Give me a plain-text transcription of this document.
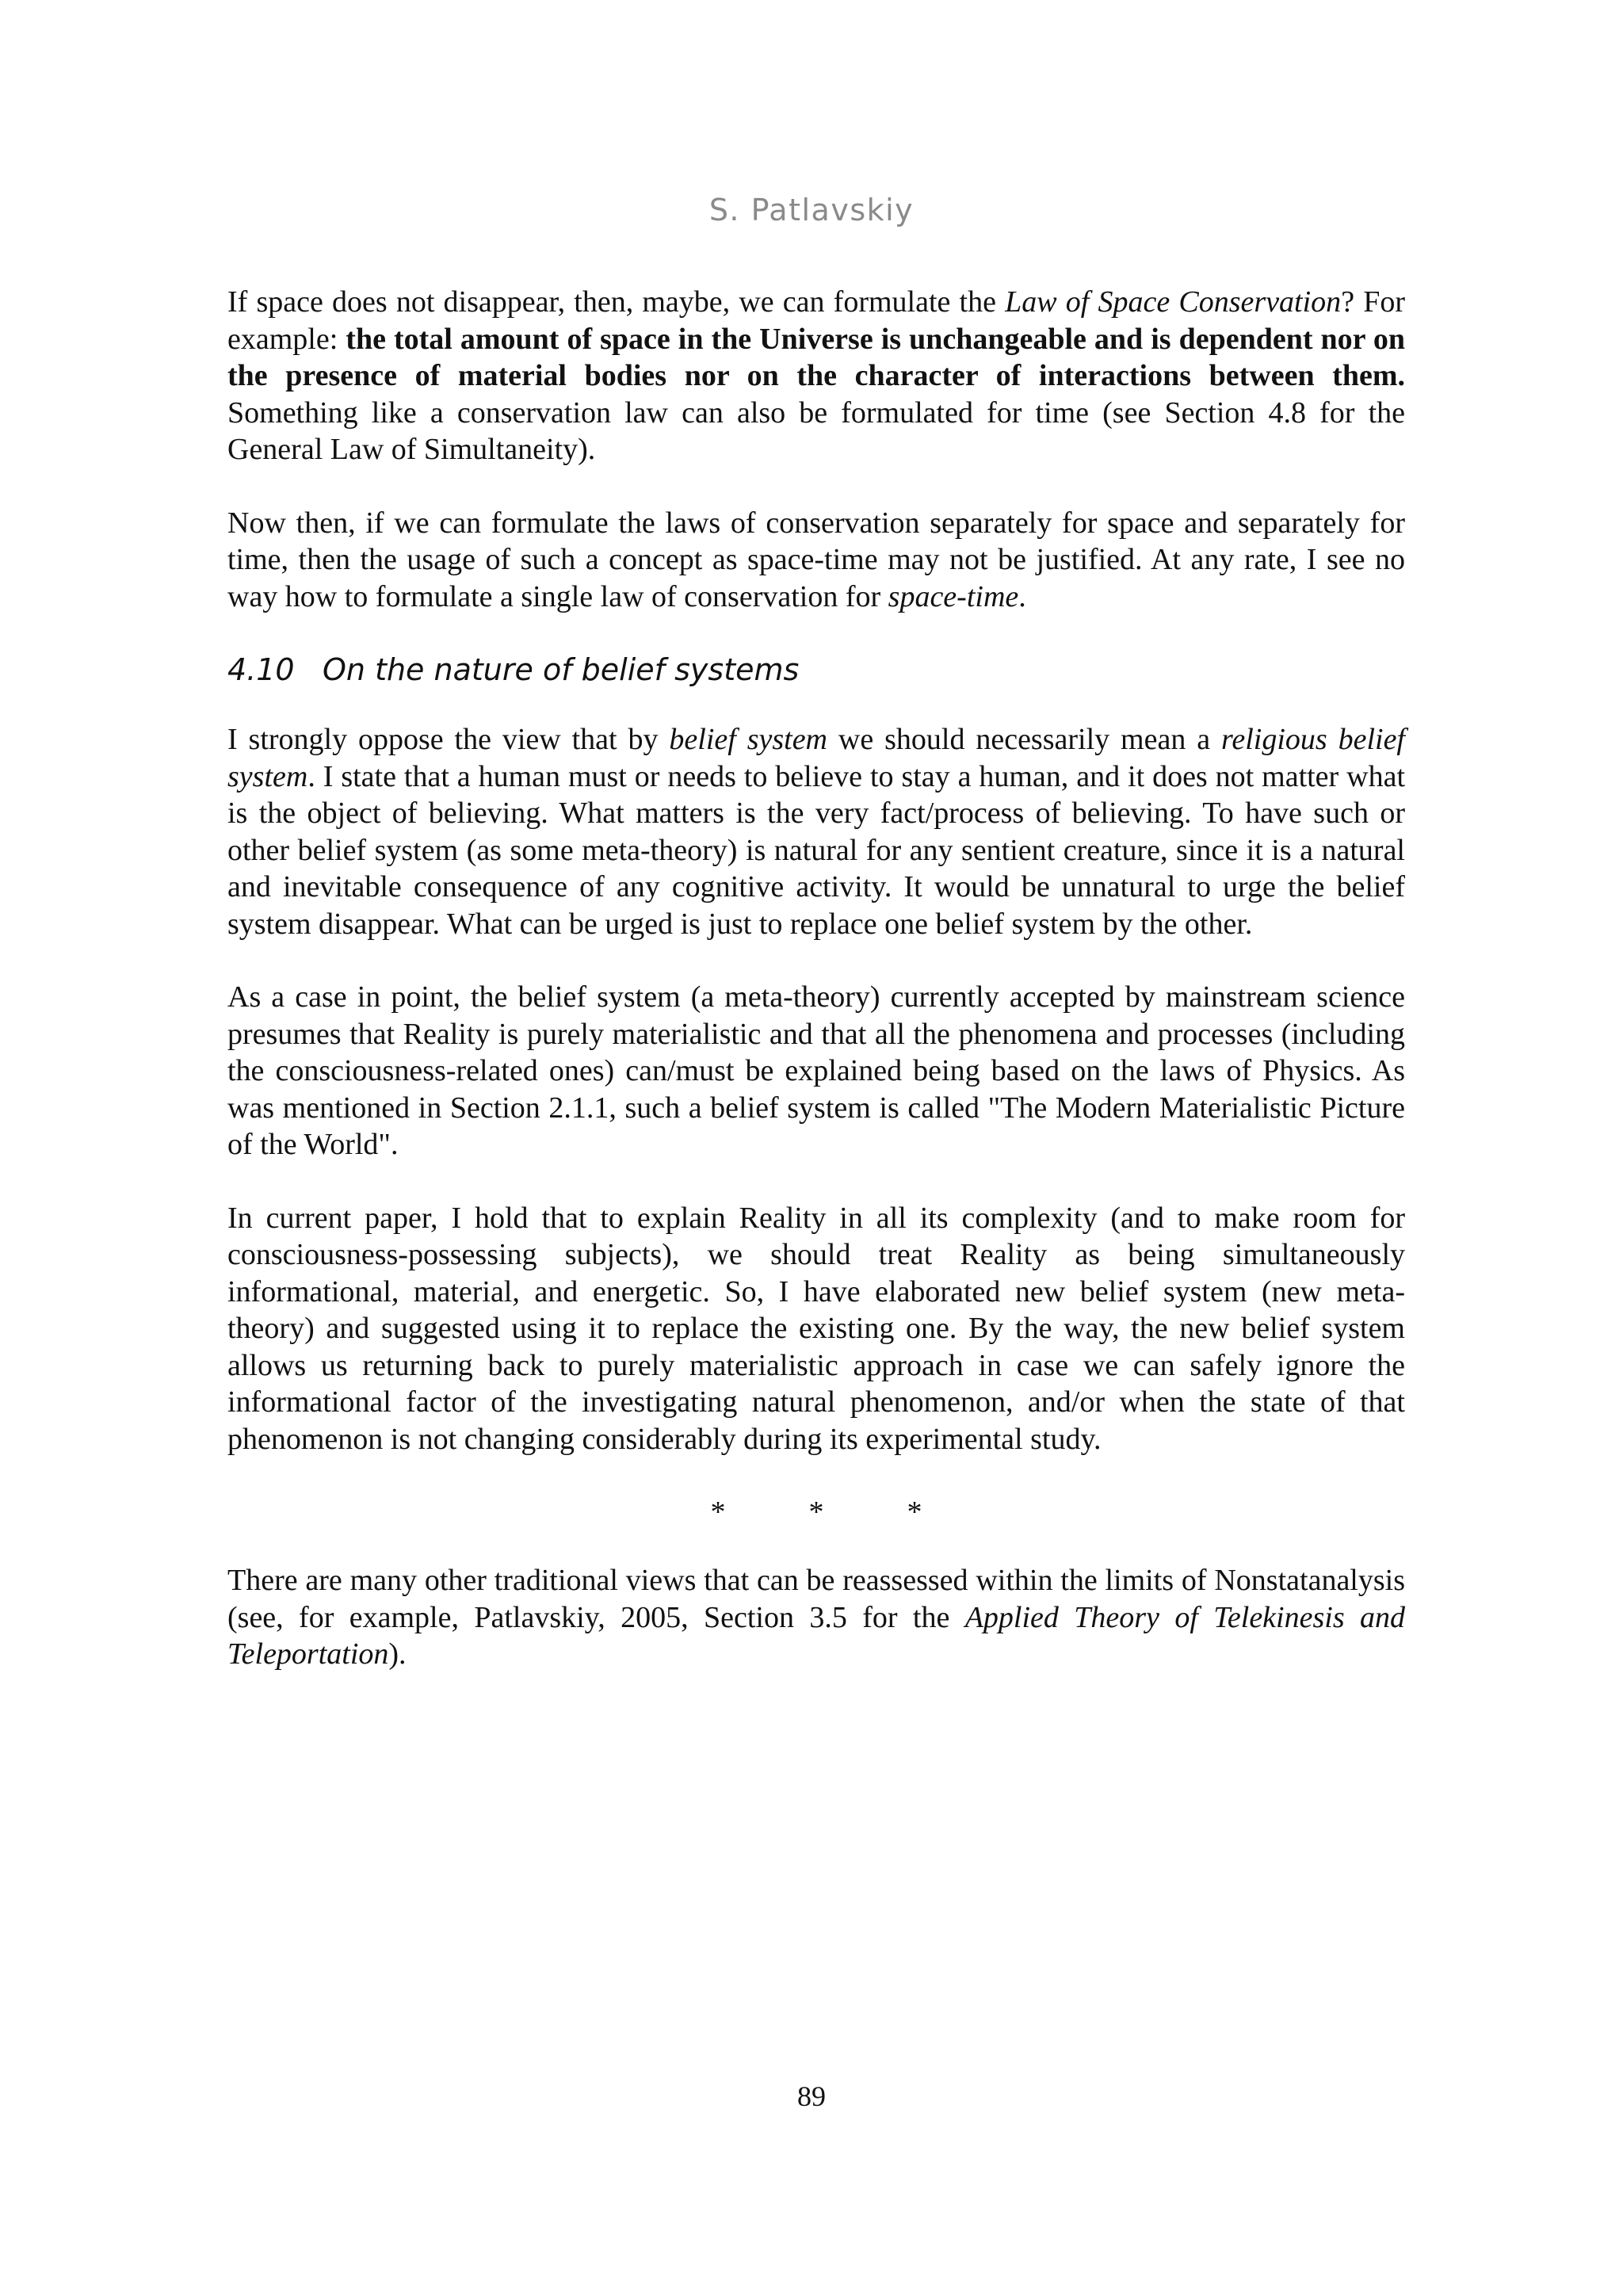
S. Patlavskiy

If space does not disappear, then, maybe, we can formulate the Law of Space Conservation? For example: the total amount of space in the Universe is unchangeable and is dependent nor on the presence of material bodies nor on the character of interactions between them. Something like a conservation law can also be formulated for time (see Section 4.8 for the General Law of Simultaneity).

Now then, if we can formulate the laws of conservation separately for space and separately for time, then the usage of such a concept as space-time may not be justified. At any rate, I see no way how to formulate a single law of conservation for space-time.

4.10 On the nature of belief systems

I strongly oppose the view that by belief system we should necessarily mean a religious belief system. I state that a human must or needs to believe to stay a human, and it does not matter what is the object of believing. What matters is the very fact/process of believing. To have such or other belief system (as some meta-theory) is natural for any sentient creature, since it is a natural and inevitable consequence of any cognitive activity. It would be unnatural to urge the belief system disappear. What can be urged is just to replace one belief system by the other.

As a case in point, the belief system (a meta-theory) currently accepted by mainstream science presumes that Reality is purely materialistic and that all the phenomena and processes (including the consciousness-related ones) can/must be explained being based on the laws of Physics. As was mentioned in Section 2.1.1, such a belief system is called "The Modern Materialistic Picture of the World".

In current paper, I hold that to explain Reality in all its complexity (and to make room for consciousness-possessing subjects), we should treat Reality as being simultaneously informational, material, and energetic. So, I have elaborated new belief system (new meta-theory) and suggested using it to replace the existing one. By the way, the new belief system allows us returning back to purely materialistic approach in case we can safely ignore the informational factor of the investigating natural phenomenon, and/or when the state of that phenomenon is not changing considerably during its experimental study.

*	*	*

There are many other traditional views that can be reassessed within the limits of Nonstatanalysis (see, for example, Patlavskiy, 2005, Section 3.5 for the Applied Theory of Telekinesis and Teleportation).

89
